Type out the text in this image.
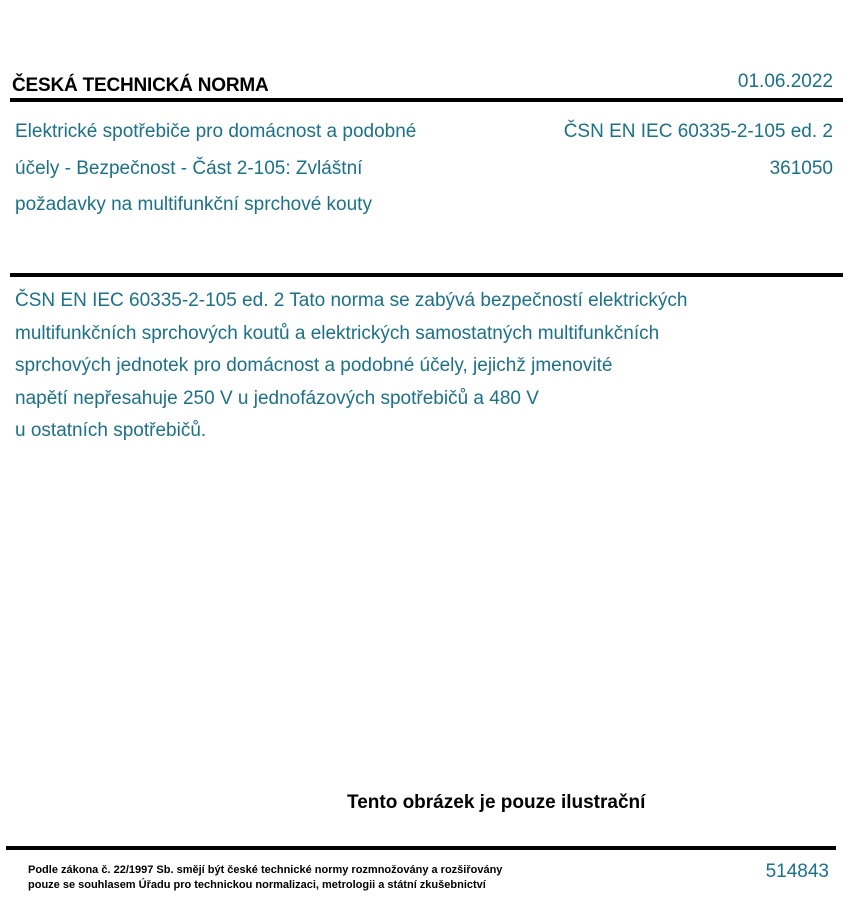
ČESKÁ TECHNICKÁ NORMA	01.06.2022
Elektrické spotřebiče pro domácnost a podobné
účely - Bezpečnost - Část 2-105: Zvláštní
požadavky na multifunkční sprchové kouty
ČSN EN IEC 60335-2-105 ed. 2
361050
ČSN EN IEC 60335-2-105 ed. 2 Tato norma se zabývá bezpečností elektrických
multifunkčních sprchových koutů a elektrických samostatných multifunkčních
sprchových jednotek pro domácnost a podobné účely, jejichž jmenovité
napětí nepřesahuje 250 V u jednofázových spotřebičů a 480 V
u ostatních spotřebičů.
Tento obrázek je pouze ilustrační
Podle zákona č. 22/1997 Sb. smějí být české technické normy rozmnožovány a rozšiřovány
pouze se souhlasem Úřadu pro technickou normalizaci, metrologii a státní zkušebnictví
514843
